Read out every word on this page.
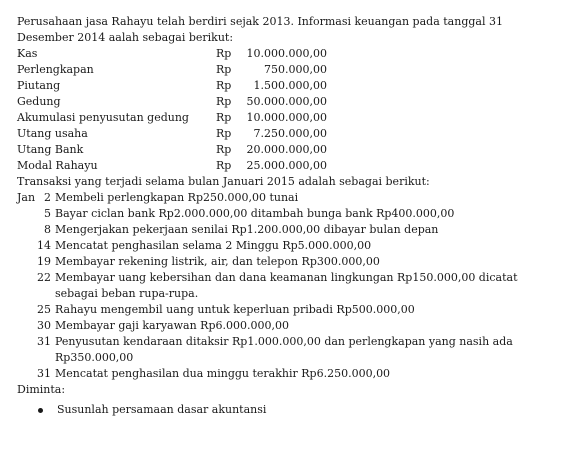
Perusahaan jasa Rahayu telah berdiri sejak 2013. Informasi keuangan pada tanggal 31
Desember 2014 aalah sebagai berikut:
Kas	Rp 10.000.000,00
Perlengkapan	Rp	750.000,00
Piutang	Rp 1.500.000,00
Gedung	Rp 50.000.000,00
Akumulasi penyusutan gedung Rp 10.000.000,00
Utang usaha	Rp 7.250.000,00
Utang Bank	Rp 20.000.000,00
Modal Rahayu	Rp 25.000.000,00
Transaksi yang terjadi selama bulan Januari 2015 adalah sebagai berikut:
Jan 2 Membeli perlengkapan Rp250.000,00 tunai
5 Bayar ciclan bank Rp2.000.000,00 ditambah bunga bank Rp400.000,00
8 Mengerjakan pekerjaan senilai Rp1.200.000,00 dibayar bulan depan
14 Mencatat penghasilan selama 2 Minggu Rp5.000.000,00
19 Membayar rekening listrik, air, dan telepon Rp300.000,00
22 Membayar uang kebersihan dan dana keamanan lingkungan Rp150.000,00 dicatat sebagai beban rupa-rupa.
25 Rahayu mengembil uang untuk keperluan pribadi Rp500.000,00
30 Membayar gaji karyawan Rp6.000.000,00
31 Penyusutan kendaraan ditaksir Rp1.000.000,00 dan perlengkapan yang nasih ada Rp350.000,00
31 Mencatat penghasilan dua minggu terakhir Rp6.250.000,00
Diminta:
Susunlah persamaan dasar akuntansi
